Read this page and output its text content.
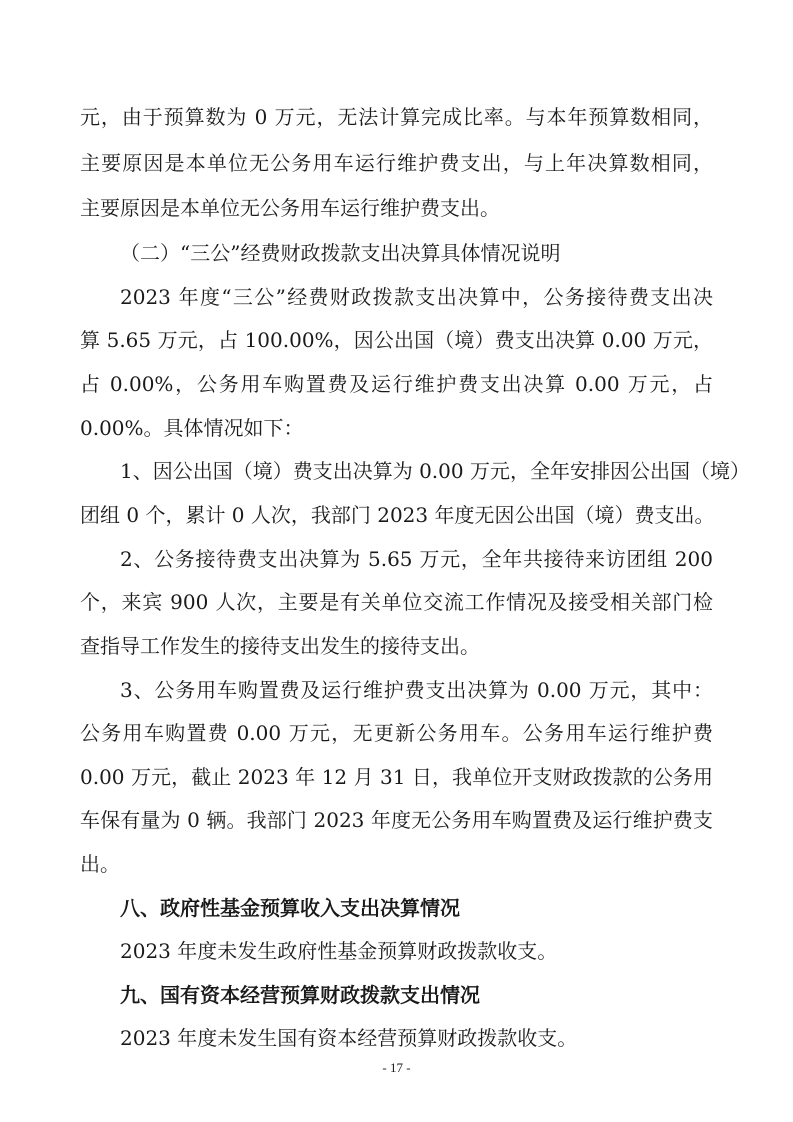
元，由于预算数为 0 万元，无法计算完成比率。与本年预算数相同，
主要原因是本单位无公务用车运行维护费支出，与上年决算数相同，
主要原因是本单位无公务用车运行维护费支出。
（二）“三公”经费财政拨款支出决算具体情况说明
2023 年度“三公”经费财政拨款支出决算中，公务接待费支出决
算 5.65 万元，占 100.00%，因公出国（境）费支出决算 0.00 万元，
占 0.00%，公务用车购置费及运行维护费支出决算 0.00 万元，占
0.00%。具体情况如下：
1、因公出国（境）费支出决算为 0.00 万元，全年安排因公出国（境）
团组 0 个，累计 0 人次，我部门 2023 年度无因公出国（境）费支出。
2、公务接待费支出决算为 5.65 万元，全年共接待来访团组 200
个，来宾 900 人次，主要是有关单位交流工作情况及接受相关部门检
查指导工作发生的接待支出发生的接待支出。
3、公务用车购置费及运行维护费支出决算为 0.00 万元，其中：
公务用车购置费 0.00 万元，无更新公务用车。公务用车运行维护费
0.00 万元，截止 2023 年 12 月 31 日，我单位开支财政拨款的公务用
车保有量为 0 辆。我部门 2023 年度无公务用车购置费及运行维护费支
出。
八、政府性基金预算收入支出决算情况
2023 年度未发生政府性基金预算财政拨款收支。
九、国有资本经营预算财政拨款支出情况
2023 年度未发生国有资本经营预算财政拨款收支。
- 17 -
